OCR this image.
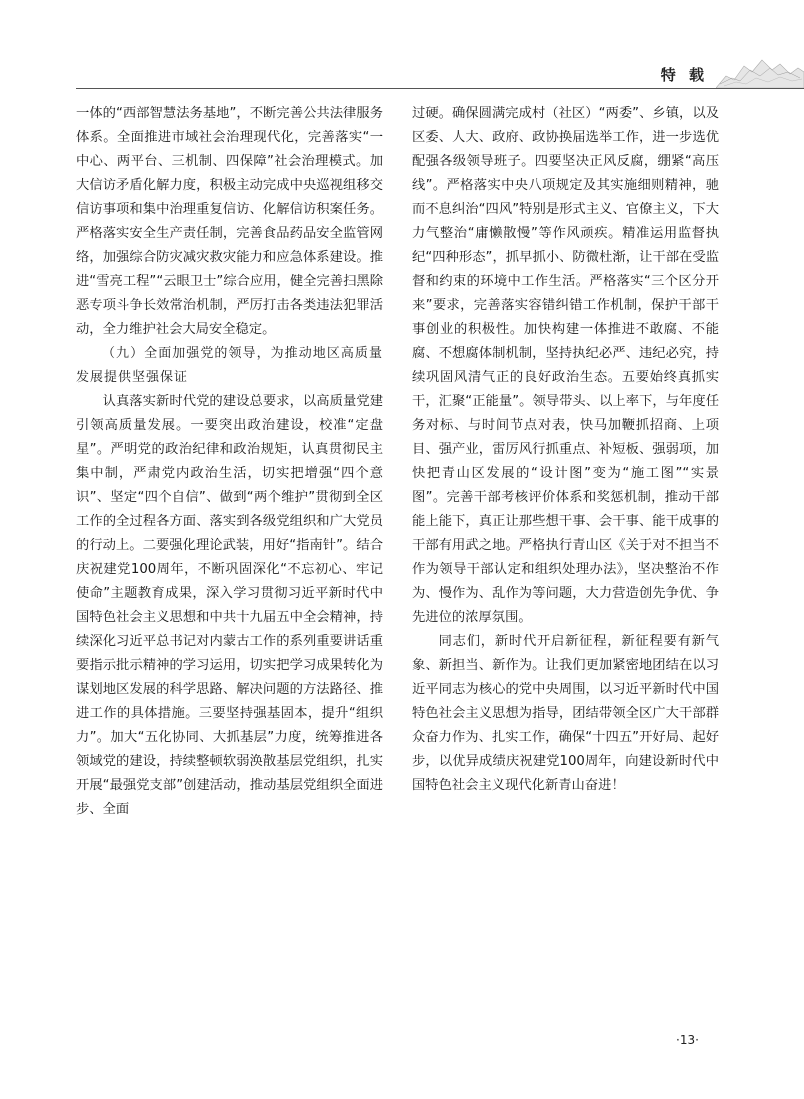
特 载

一体的“西部智慧法务基地”，不断完善公共法律服务体系。全面推进市域社会治理现代化，完善落实“一中心、两平台、三机制、四保障”社会治理模式。加大信访矛盾化解力度，积极主动完成中央巡视组移交信访事项和集中治理重复信访、化解信访积案任务。严格落实安全生产责任制，完善食品药品安全监管网络，加强综合防灾减灾救灾能力和应急体系建设。推进“雪亮工程”“云眼卫士”综合应用，健全完善扫黑除恶专项斗争长效常治机制，严厉打击各类违法犯罪活动，全力维护社会大局安全稳定。

（九）全面加强党的领导，为推动地区高质量发展提供坚强保证

认真落实新时代党的建设总要求，以高质量党建引领高质量发展。一要突出政治建设，校准“定盘星”。严明党的政治纪律和政治规矩，认真贯彻民主集中制，严肃党内政治生活，切实把增强“四个意识”、坚定“四个自信”、做到“两个维护”贯彻到全区工作的全过程各方面、落实到各级党组织和广大党员的行动上。二要强化理论武装，用好“指南针”。结合庆祝建党100周年，不断巩固深化“不忘初心、牢记使命”主题教育成果，深入学习贯彻习近平新时代中国特色社会主义思想和中共十九届五中全会精神，持续深化习近平总书记对内蒙古工作的系列重要讲话重要指示批示精神的学习运用，切实把学习成果转化为谋划地区发展的科学思路、解决问题的方法路径、推进工作的具体措施。三要坚持强基固本，提升“组织力”。加大“五化协同、大抓基层”力度，统筹推进各领域党的建设，持续整顿软弱涣散基层党组织，扎实开展“最强党支部”创建活动，推动基层党组织全面进步、全面

过硬。确保圆满完成村（社区）“两委”、乡镇，以及区委、人大、政府、政协换届选举工作，进一步选优配强各级领导班子。四要坚决正风反腐，绷紧“高压线”。严格落实中央八项规定及其实施细则精神，驰而不息纠治“四风”特别是形式主义、官僚主义，下大力气整治“庸懒散慢”等作风顽疾。精准运用监督执纪“四种形态”，抓早抓小、防微杜渐，让干部在受监督和约束的环境中工作生活。严格落实“三个区分开来”要求，完善落实容错纠错工作机制，保护干部干事创业的积极性。加快构建一体推进不敢腐、不能腐、不想腐体制机制，坚持执纪必严、违纪必究，持续巩固风清气正的良好政治生态。五要始终真抓实干，汇聚“正能量”。领导带头、以上率下，与年度任务对标、与时间节点对表，快马加鞭抓招商、上项目、强产业，雷厉风行抓重点、补短板、强弱项，加快把青山区发展的“设计图”变为“施工图”“实景图”。完善干部考核评价体系和奖惩机制，推动干部能上能下，真正让那些想干事、会干事、能干成事的干部有用武之地。严格执行青山区《关于对不担当不作为领导干部认定和组织处理办法》，坚决整治不作为、慢作为、乱作为等问题，大力营造创先争优、争先进位的浓厚氛围。

同志们，新时代开启新征程，新征程要有新气象、新担当、新作为。让我们更加紧密地团结在以习近平同志为核心的党中央周围，以习近平新时代中国特色社会主义思想为指导，团结带领全区广大干部群众奋力作为、扎实工作，确保“十四五”开好局、起好步，以优异成绩庆祝建党100周年，向建设新时代中国特色社会主义现代化新青山奋进！

·13·
